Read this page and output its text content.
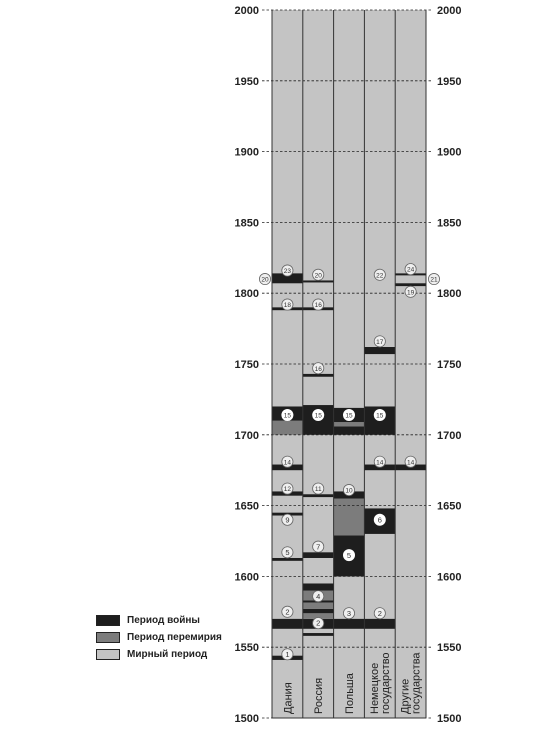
1500	1500
1550	1550
1600	1600
1650	1650
1700	1700
1750	1750
1800	1800
1850	1850
1900	1900
1950	1950
2000	2000
Дания Россия Польша Немецкоегосударство Другиегосударства
1
2
5
9
12
14
15
18
23
2
4
7
11
15
16
16
20
3
5
10
15
2
6
14
15
17
22
14
19
24
20	21
Период войны
Период перемирия
Мирный период
